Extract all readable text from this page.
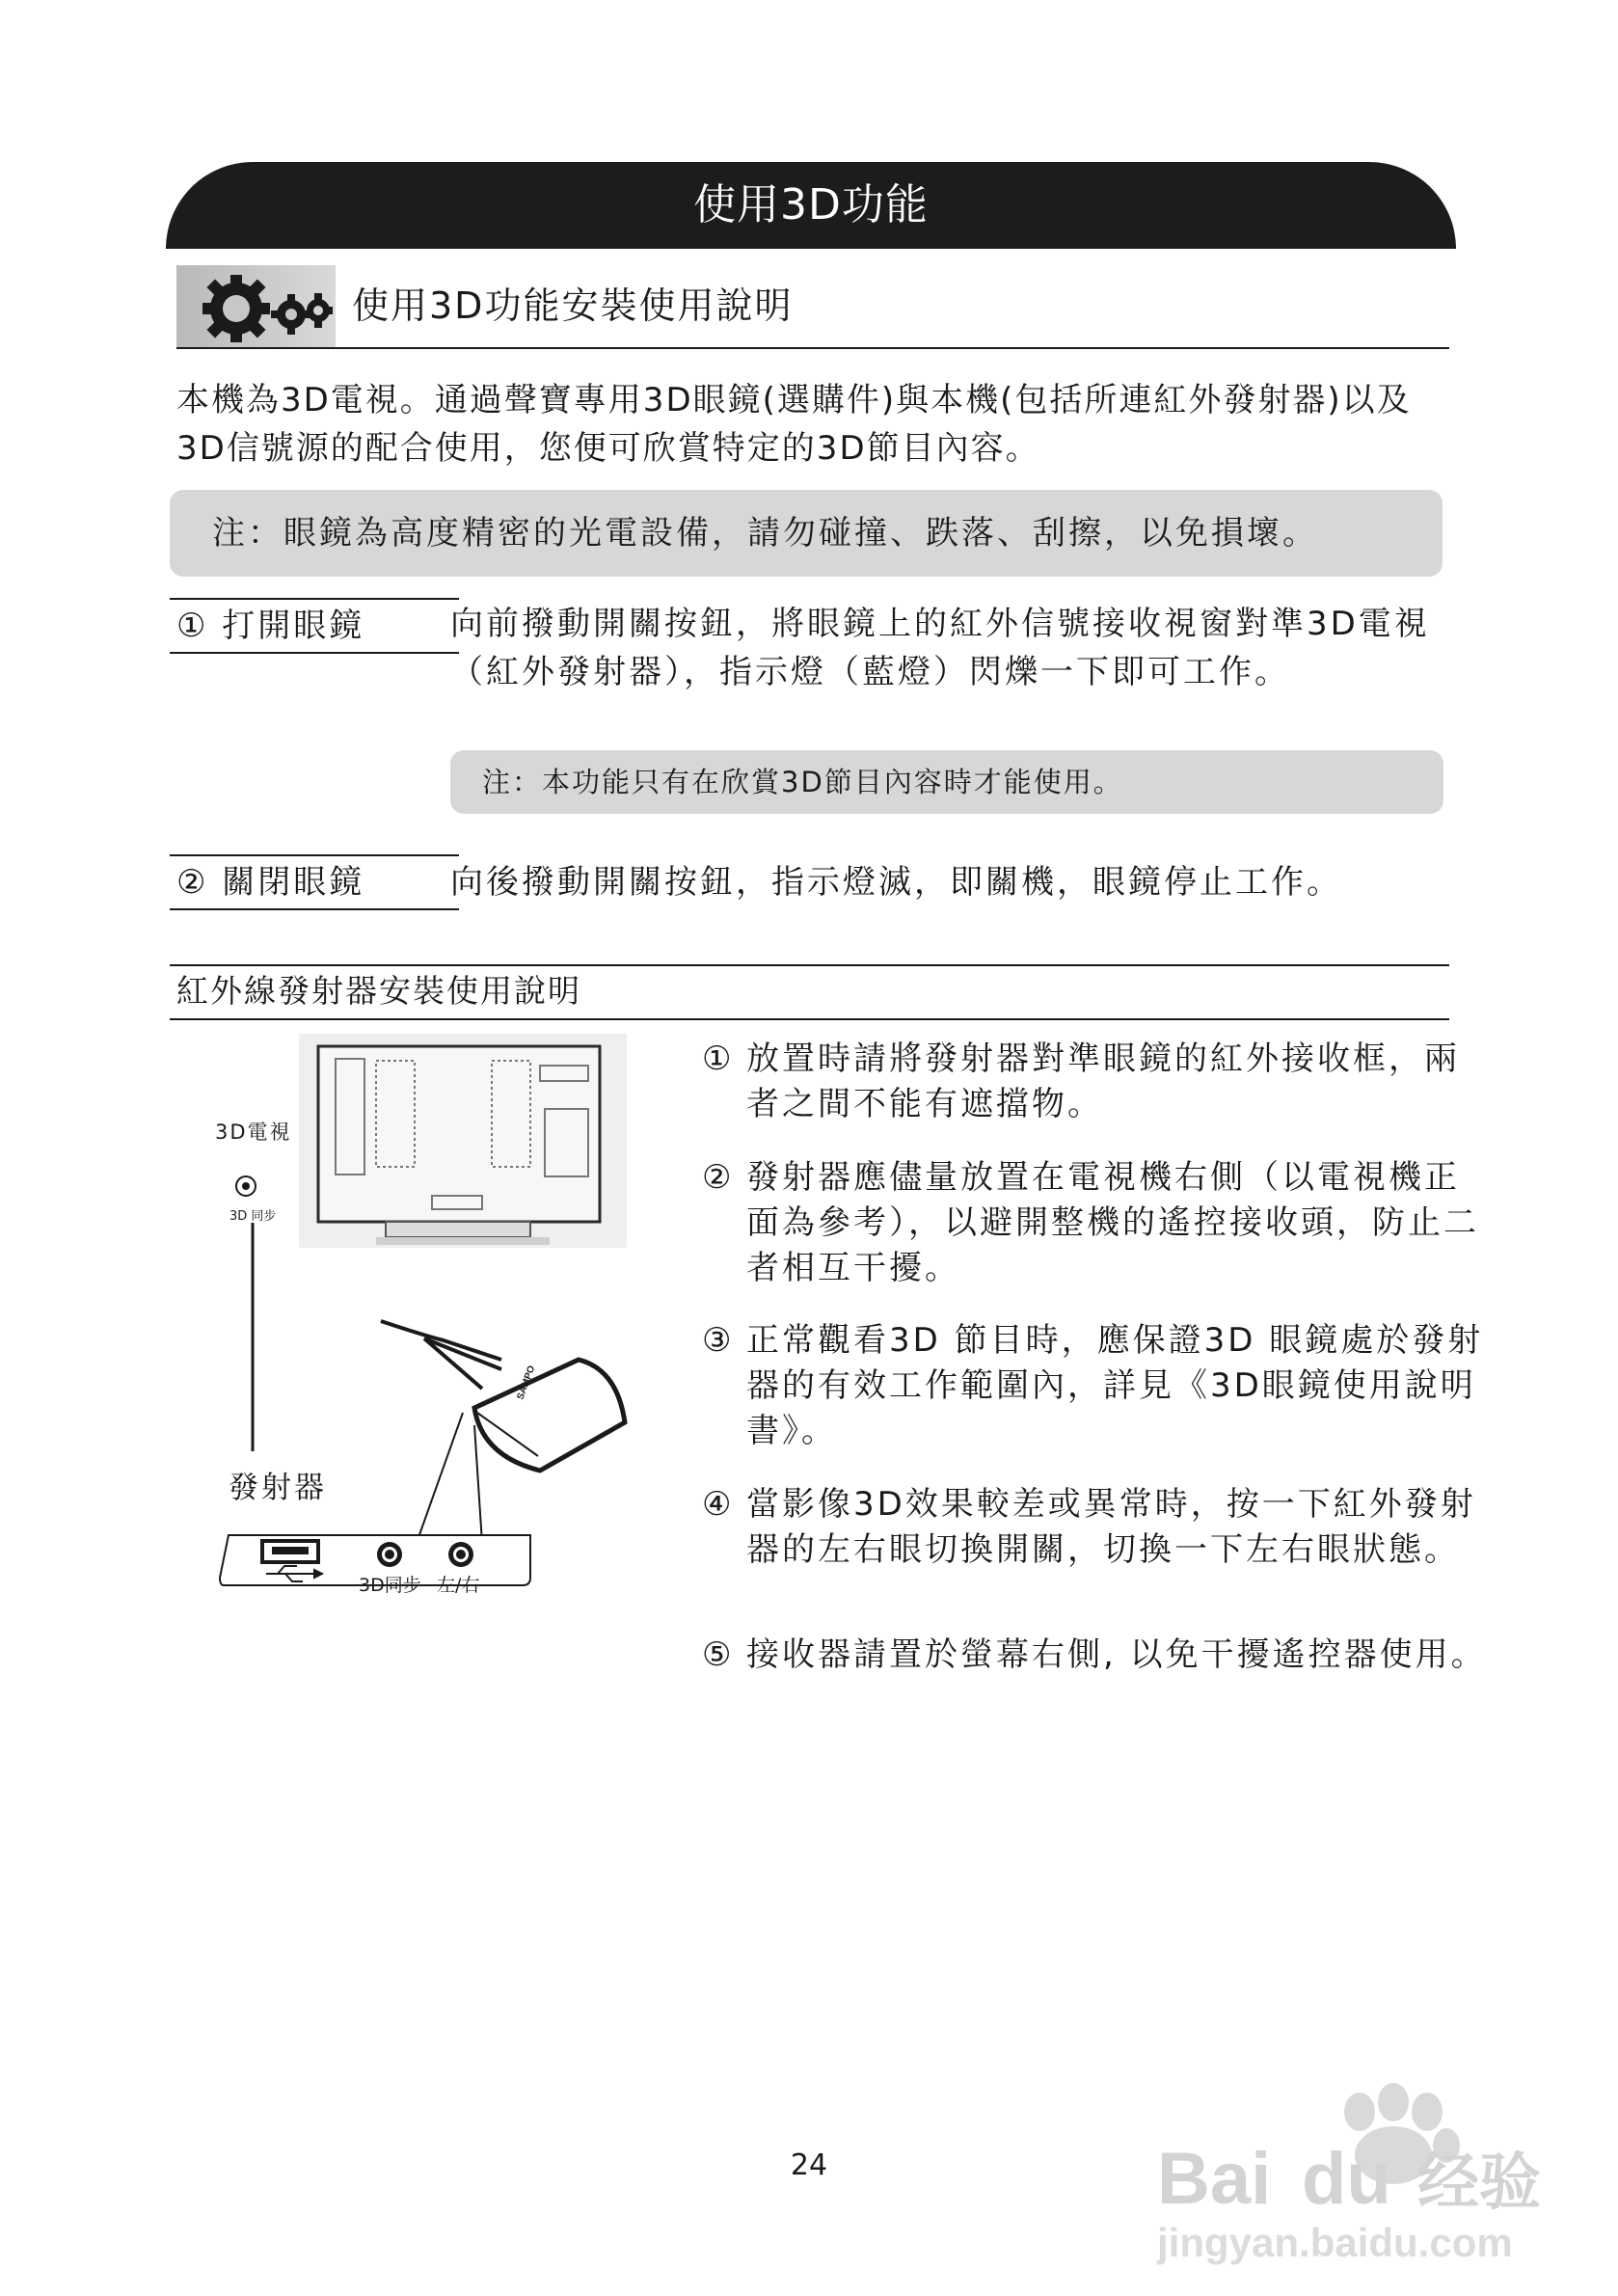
使用3D功能
使用3D功能安裝使用說明
本機為3D電視。通過聲寶專用3D眼鏡(選購件)與本機(包括所連紅外發射器)以及3D信號源的配合使用，您便可欣賞特定的3D節目內容。
注：眼鏡為高度精密的光電設備，請勿碰撞、跌落、刮擦，以免損壞。
① 打開眼鏡	向前撥動開關按鈕，將眼鏡上的紅外信號接收視窗對準3D電視（紅外發射器），指示燈（藍燈）閃爍一下即可工作。
注：本功能只有在欣賞3D節目內容時才能使用。
② 關閉眼鏡	向後撥動開關按鈕，指示燈滅，即關機，眼鏡停止工作。
紅外線發射器安裝使用說明
SAMPO
3D電視
3D 同步
發射器
3D同步 左/右
① 放置時請將發射器對準眼鏡的紅外接收框，兩者之間不能有遮擋物。
② 發射器應儘量放置在電視機右側（以電視機正面為參考），以避開整機的遙控接收頭，防止二者相互干擾。
③ 正常觀看3D 節目時，應保證3D 眼鏡處於發射器的有效工作範圍內，詳見《3D眼鏡使用說明書》。
④ 當影像3D效果較差或異常時，按一下紅外發射器的左右眼切換開關，切換一下左右眼狀態。
⑤ 接收器請置於螢幕右側, 以免干擾遙控器使用。
24	Bai du 经验
jingyan.baidu.com
